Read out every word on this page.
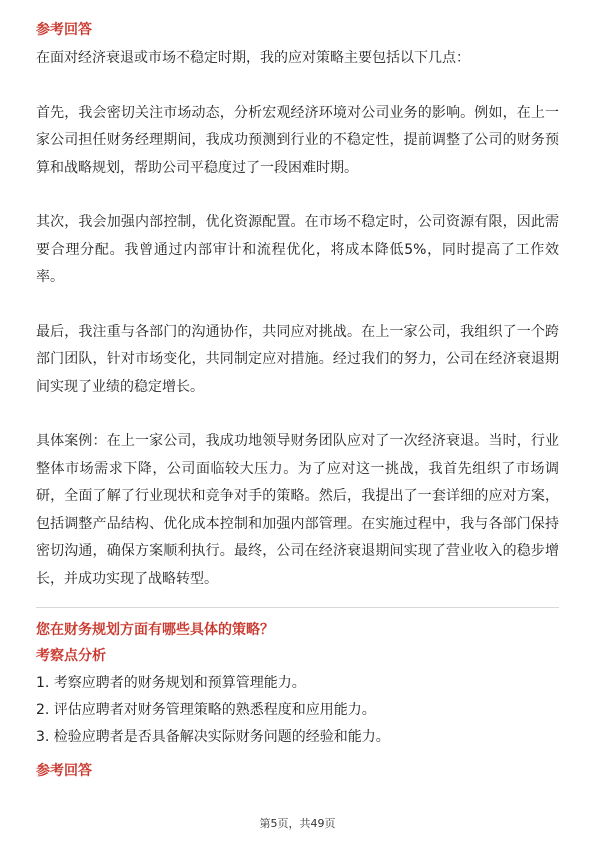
参考回答

在面对经济衰退或市场不稳定时期，我的应对策略主要包括以下几点：

首先，我会密切关注市场动态，分析宏观经济环境对公司业务的影响。例如，在上一家公司担任财务经理期间，我成功预测到行业的不稳定性，提前调整了公司的财务预算和战略规划，帮助公司平稳度过了一段困难时期。

其次，我会加强内部控制，优化资源配置。在市场不稳定时，公司资源有限，因此需要合理分配。我曾通过内部审计和流程优化，将成本降低5%，同时提高了工作效率。

最后，我注重与各部门的沟通协作，共同应对挑战。在上一家公司，我组织了一个跨部门团队，针对市场变化，共同制定应对措施。经过我们的努力，公司在经济衰退期间实现了业绩的稳定增长。

具体案例：在上一家公司，我成功地领导财务团队应对了一次经济衰退。当时，行业整体市场需求下降，公司面临较大压力。为了应对这一挑战，我首先组织了市场调研，全面了解了行业现状和竞争对手的策略。然后，我提出了一套详细的应对方案，包括调整产品结构、优化成本控制和加强内部管理。在实施过程中，我与各部门保持密切沟通，确保方案顺利执行。最终，公司在经济衰退期间实现了营业收入的稳步增长，并成功实现了战略转型。

您在财务规划方面有哪些具体的策略？
考察点分析
1. 考察应聘者的财务规划和预算管理能力。
2. 评估应聘者对财务管理策略的熟悉程度和应用能力。
3. 检验应聘者是否具备解决实际财务问题的经验和能力。
参考回答
第5页，共49页
